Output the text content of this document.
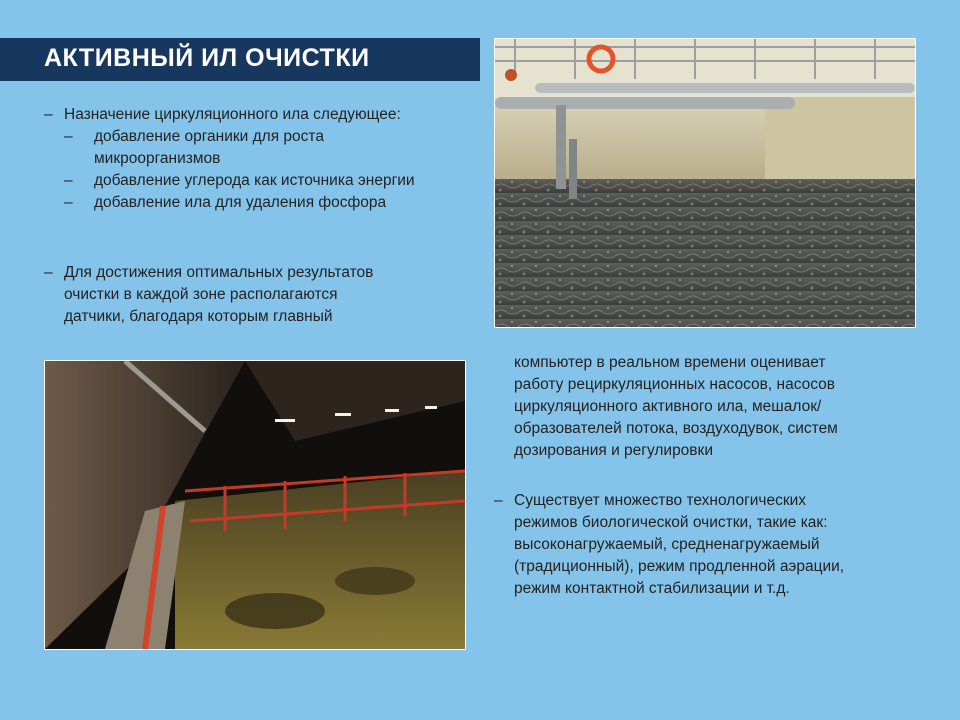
АКТИВНЫЙ ИЛ ОЧИСТКИ
– Назначение циркуляционного ила следующее:
–	добавление органики для роста
микроорганизмов
–	добавление углерода как источника энергии
–	добавление ила для удаления фосфора
– Для достижения оптимальных результатов
очистки в каждой зоне располагаются
датчики, благодаря которым главный
компьютер в реальном времени оценивает
работу рециркуляционных насосов, насосов
циркуляционного активного ила, мешалок/
образователей потока, воздуходувок, систем
дозирования и регулировки
– Существует множество технологических
режимов биологической очистки, такие как:
высоконагружаемый, средненагружаемый
(традиционный), режим продленной аэрации,
режим контактной стабилизации и т.д.
